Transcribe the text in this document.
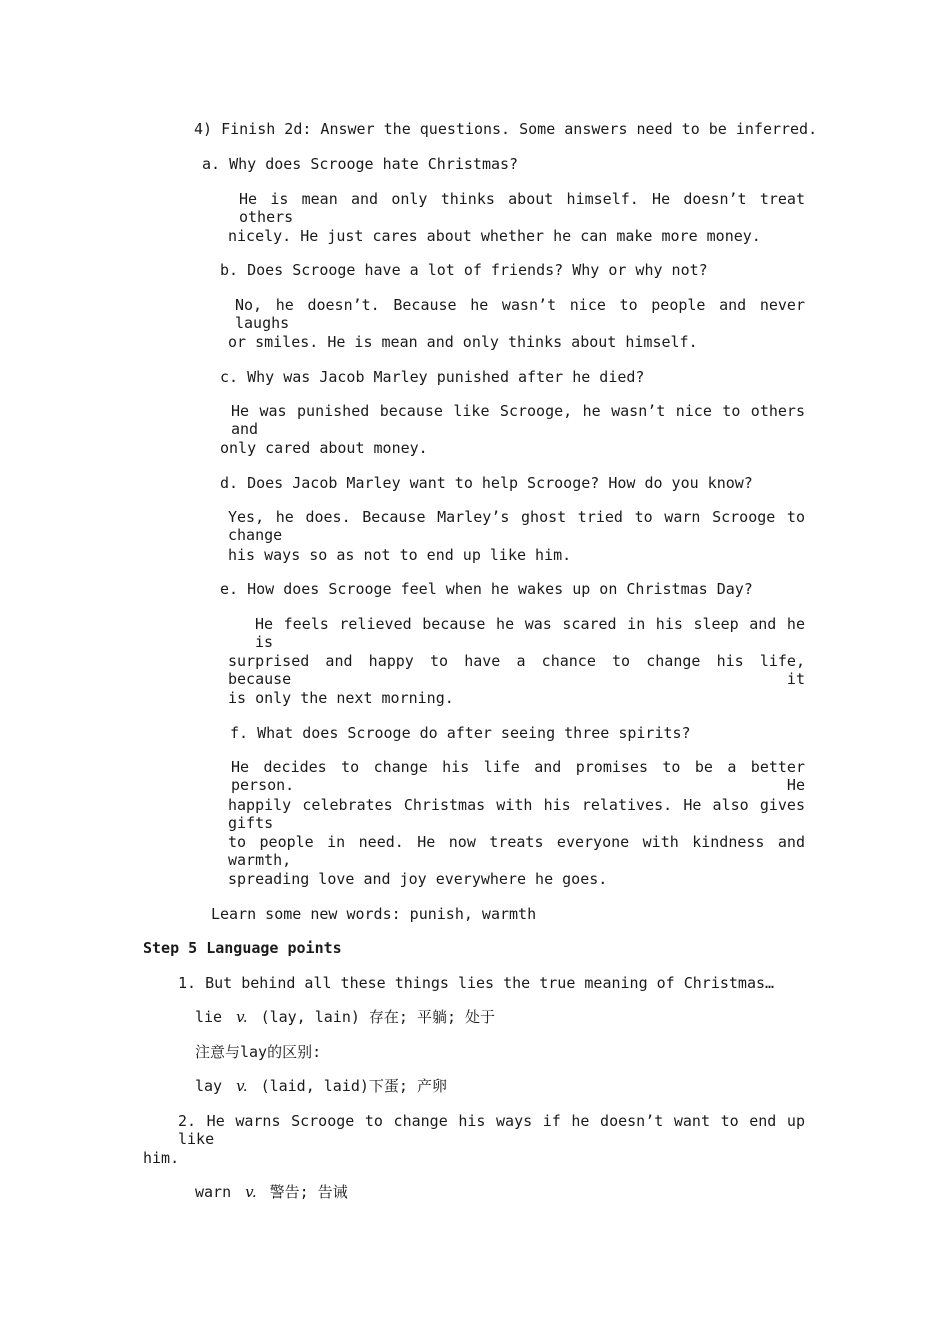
4) Finish 2d: Answer the questions. Some answers need to be inferred.
a. Why does Scrooge hate Christmas?
He is mean and only thinks about himself. He doesn’t treat others
nicely. He just cares about whether he can make more money.
b. Does Scrooge have a lot of friends? Why or why not?
No, he doesn’t. Because he wasn’t nice to people and never laughs
or smiles. He is mean and only thinks about himself.
c. Why was Jacob Marley punished after he died?
He was punished because like Scrooge, he wasn’t nice to others and
only cared about money.
d. Does Jacob Marley want to help Scrooge? How do you know?
Yes, he does. Because Marley’s ghost tried to warn Scrooge to change
his ways so as not to end up like him.
e. How does Scrooge feel when he wakes up on Christmas Day?
He feels relieved because he was scared in his sleep and he is
surprised and happy to have a chance to change his life, because it
is only the next morning.
f. What does Scrooge do after seeing three spirits?
He decides to change his life and promises to be a better person. He
happily celebrates Christmas with his relatives. He also gives gifts
to people in need. He now treats everyone with kindness and warmth,
spreading love and joy everywhere he goes.
Learn some new words: punish, warmth
Step 5 Language points
1. But behind all these things lies the true meaning of Christmas…
lie v. (lay, lain) 存在; 平躺; 处于
注意与lay的区别:
lay v. (laid, laid)下蛋; 产卵
2. He warns Scrooge to change his ways if he doesn’t want to end up like
him.
warn v. 警告; 告诫
